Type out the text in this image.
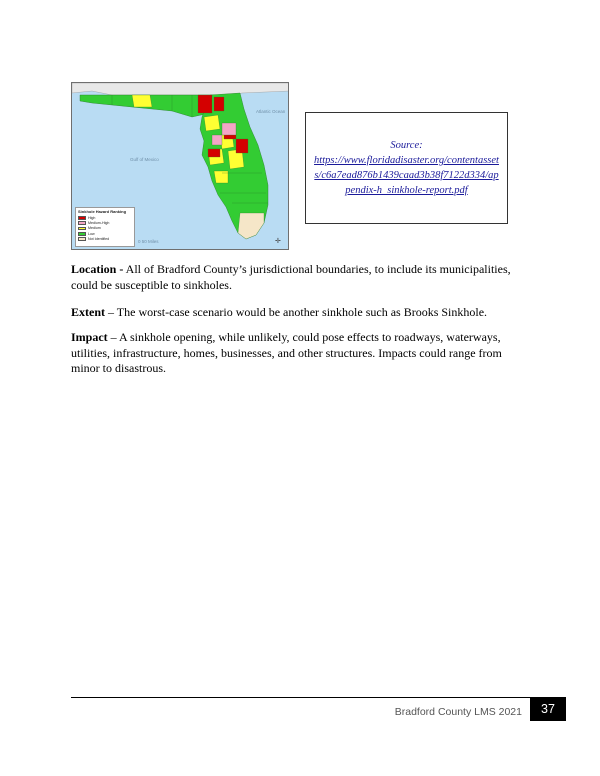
Gulf of Mexico
Atlantic Ocean
0 50 Miles	✛
Sinkhole Hazard Ranking
High
Medium-High
Medium
Low
Not Identified
Source:
https://www.floridadisaster.org/contentassets/c6a7ead876b1439caad3b38f7122d334/appendix-h_sinkhole-report.pdf

Location - All of Bradford County’s jurisdictional boundaries, to include its municipalities, could be susceptible to sinkholes.

Extent – The worst-case scenario would be another sinkhole such as Brooks Sinkhole.

Impact – A sinkhole opening, while unlikely, could pose effects to roadways, waterways, utilities, infrastructure, homes, businesses, and other structures. Impacts could range from minor to disastrous.

Bradford County LMS 2021	37
